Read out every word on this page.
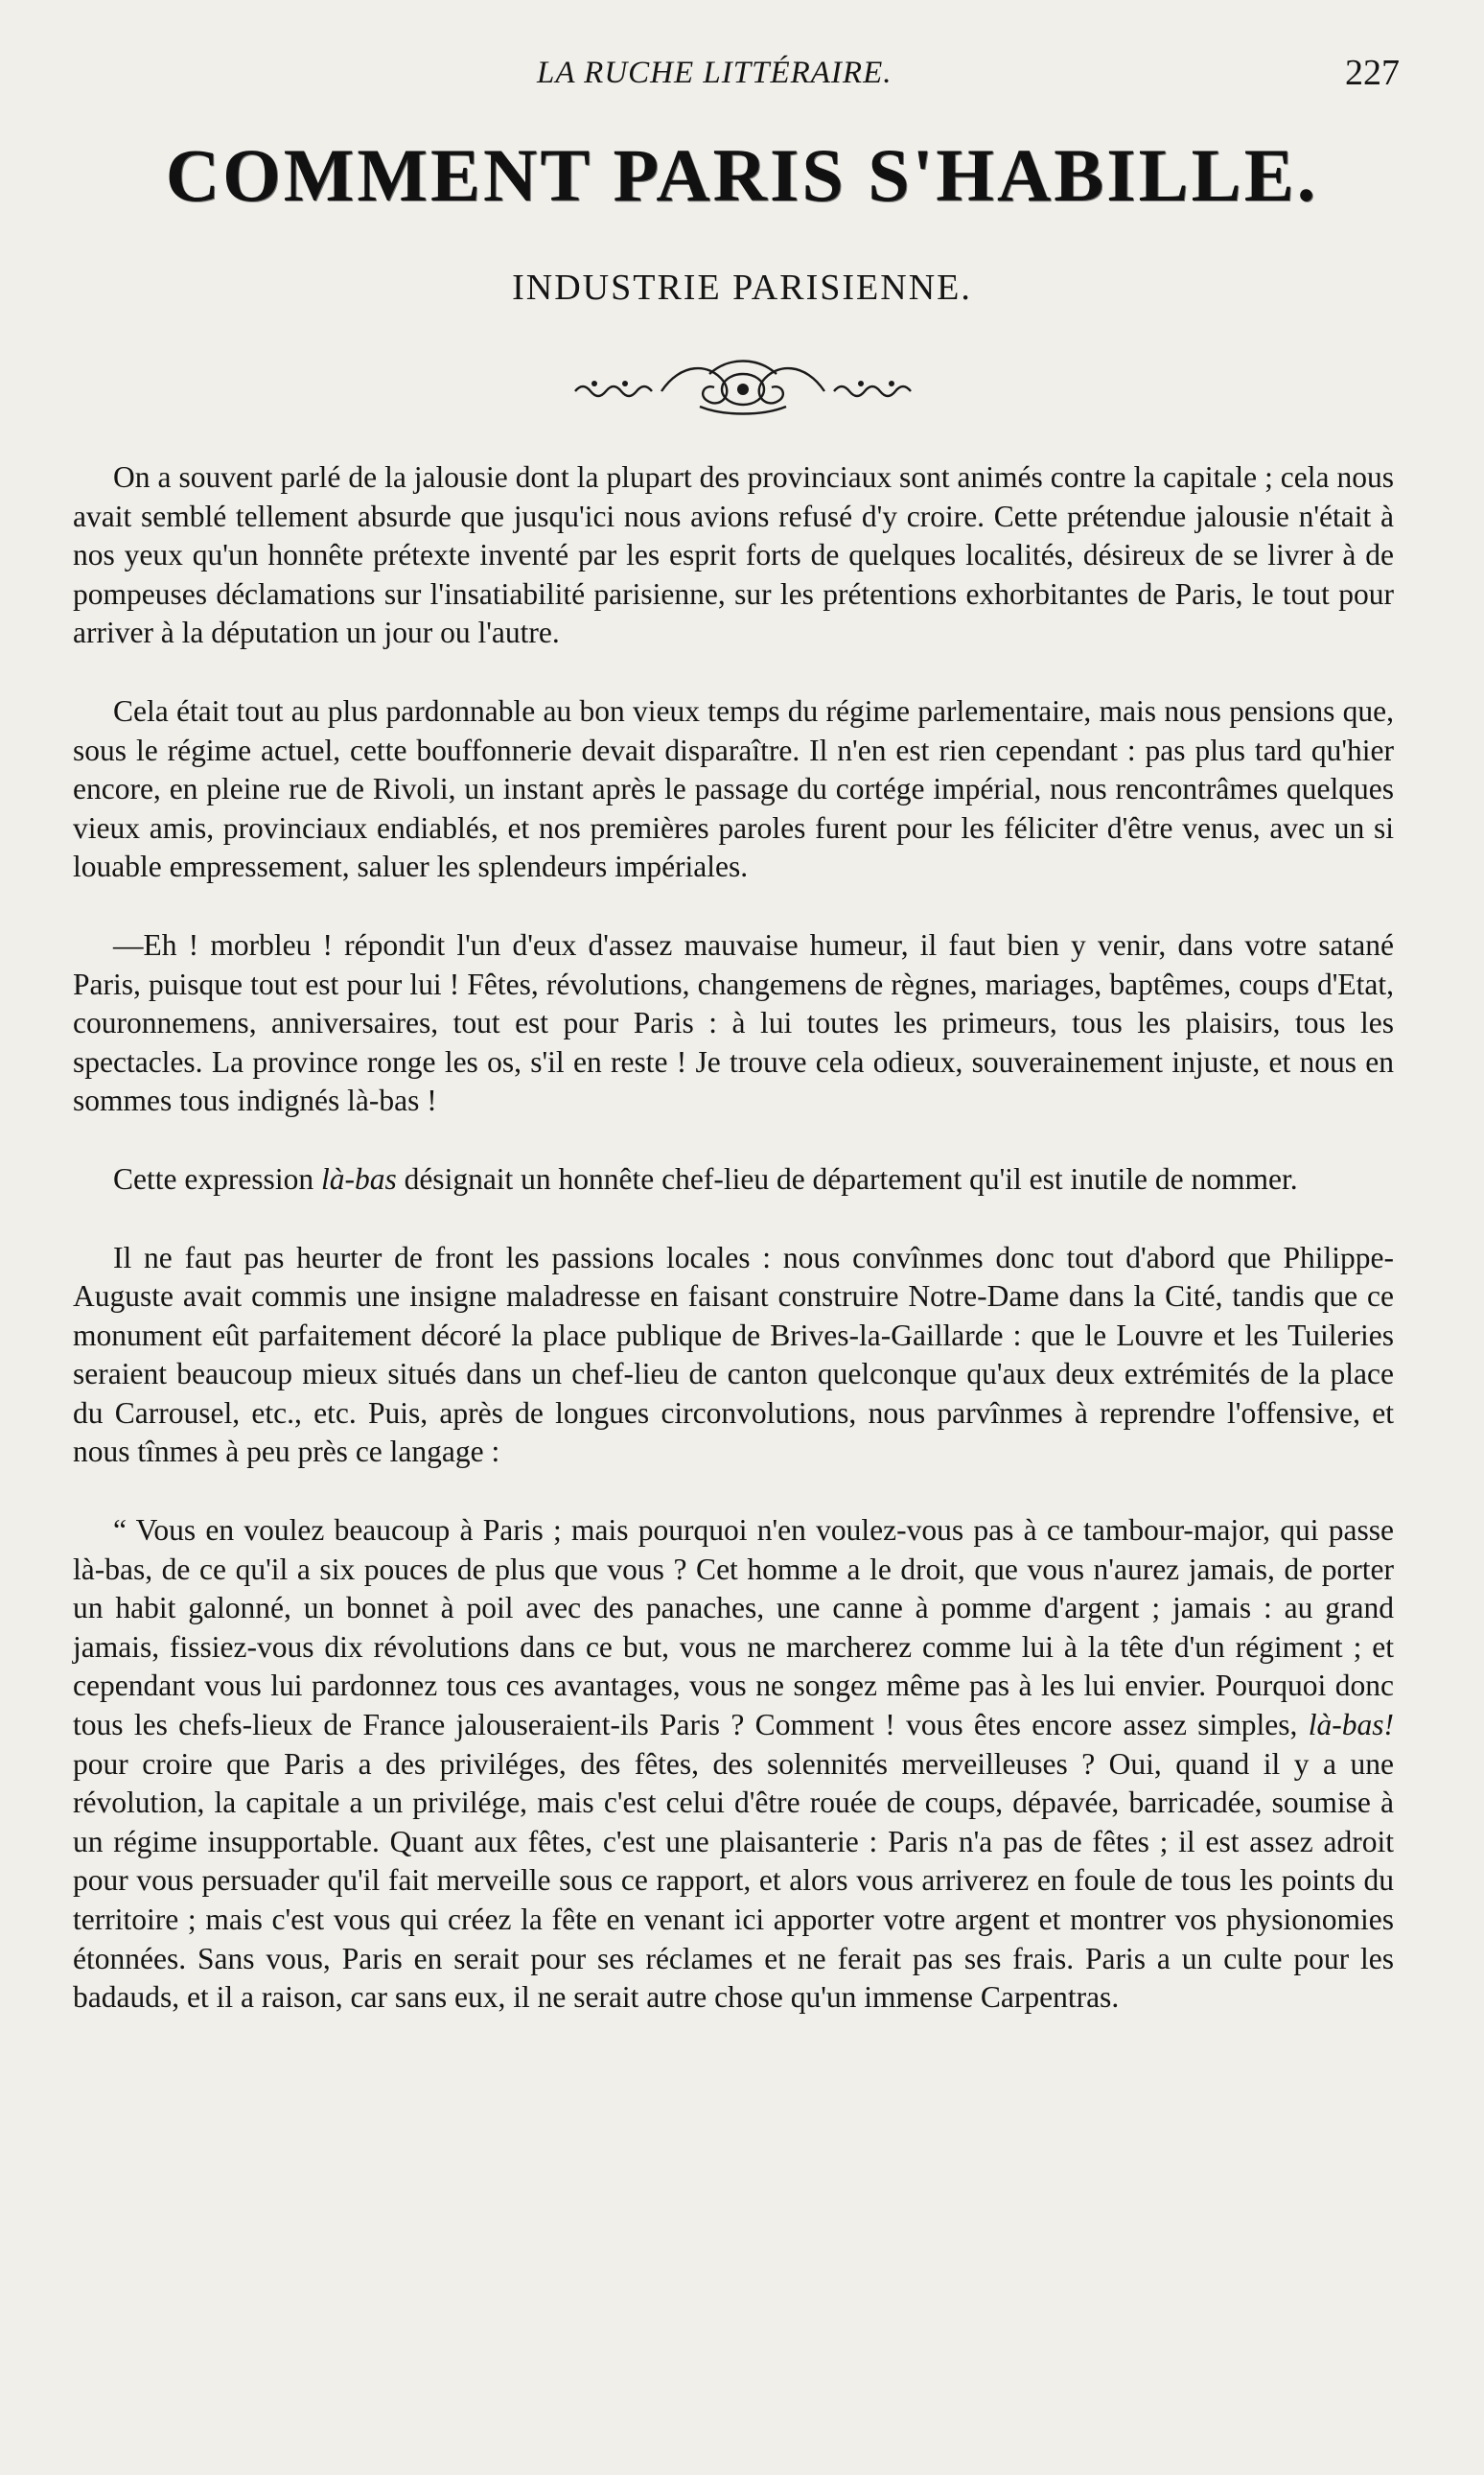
LA RUCHE LITTÉRAIRE.	227
COMMENT PARIS S'HABILLE.
INDUSTRIE PARISIENNE.

On a souvent parlé de la jalousie dont la plupart des provinciaux sont animés contre la capitale ; cela nous avait semblé tellement absurde que jusqu'ici nous avions refusé d'y croire. Cette prétendue jalousie n'était à nos yeux qu'un honnête prétexte inventé par les esprit forts de quelques localités, désireux de se livrer à de pompeuses déclamations sur l'insatiabilité parisienne, sur les prétentions exhorbitantes de Paris, le tout pour arriver à la députation un jour ou l'autre.

Cela était tout au plus pardonnable au bon vieux temps du régime parlementaire, mais nous pensions que, sous le régime actuel, cette bouffonnerie devait disparaître. Il n'en est rien cependant : pas plus tard qu'hier encore, en pleine rue de Rivoli, un instant après le passage du cortége impérial, nous rencontrâmes quelques vieux amis, provinciaux endiablés, et nos premières paroles furent pour les féliciter d'être venus, avec un si louable empressement, saluer les splendeurs impériales.

—Eh ! morbleu ! répondit l'un d'eux d'assez mauvaise humeur, il faut bien y venir, dans votre satané Paris, puisque tout est pour lui ! Fêtes, révolutions, changemens de règnes, mariages, baptêmes, coups d'Etat, couronnemens, anniversaires, tout est pour Paris : à lui toutes les primeurs, tous les plaisirs, tous les spectacles. La province ronge les os, s'il en reste ! Je trouve cela odieux, souverainement injuste, et nous en sommes tous indignés là-bas !

Cette expression là-bas désignait un honnête chef-lieu de département qu'il est inutile de nommer.

Il ne faut pas heurter de front les passions locales : nous convînmes donc tout d'abord que Philippe-Auguste avait commis une insigne maladresse en faisant construire Notre-Dame dans la Cité, tandis que ce monument eût parfaitement décoré la place publique de Brives-la-Gaillarde : que le Louvre et les Tuileries seraient beaucoup mieux situés dans un chef-lieu de canton quelconque qu'aux deux extrémités de la place du Carrousel, etc., etc. Puis, après de longues circonvolutions, nous parvînmes à reprendre l'offensive, et nous tînmes à peu près ce langage :

“ Vous en voulez beaucoup à Paris ; mais pourquoi n'en voulez-vous pas à ce tambour-major, qui passe là-bas, de ce qu'il a six pouces de plus que vous ? Cet homme a le droit, que vous n'aurez jamais, de porter un habit galonné, un bonnet à poil avec des panaches, une canne à pomme d'argent ; jamais : au grand jamais, fissiez-vous dix révolutions dans ce but, vous ne marcherez comme lui à la tête d'un régiment ; et cependant vous lui pardonnez tous ces avantages, vous ne songez même pas à les lui envier. Pourquoi donc tous les chefs-lieux de France jalouseraient-ils Paris ? Comment ! vous êtes encore assez simples, là-bas! pour croire que Paris a des priviléges, des fêtes, des solennités merveilleuses ? Oui, quand il y a une révolution, la capitale a un privilége, mais c'est celui d'être rouée de coups, dépavée, barricadée, soumise à un régime insupportable. Quant aux fêtes, c'est une plaisanterie : Paris n'a pas de fêtes ; il est assez adroit pour vous persuader qu'il fait merveille sous ce rapport, et alors vous arriverez en foule de tous les points du territoire ; mais c'est vous qui créez la fête en venant ici apporter votre argent et montrer vos physionomies étonnées. Sans vous, Paris en serait pour ses réclames et ne ferait pas ses frais. Paris a un culte pour les badauds, et il a raison, car sans eux, il ne serait autre chose qu'un immense Carpentras.
